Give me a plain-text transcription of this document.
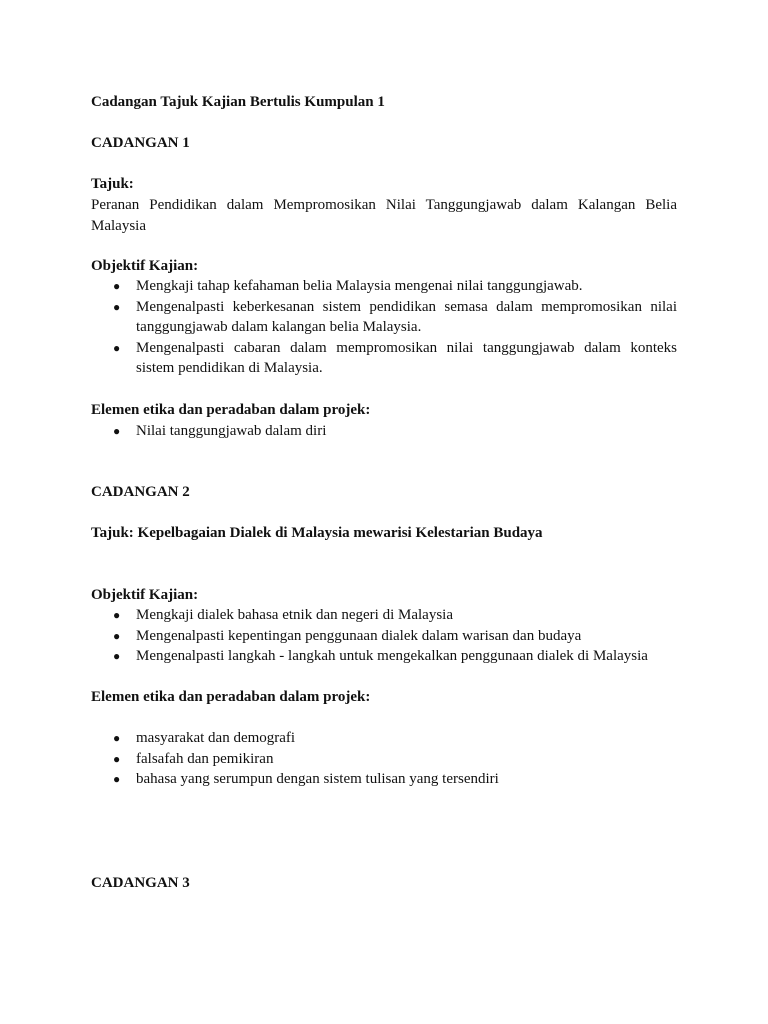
Cadangan Tajuk Kajian Bertulis Kumpulan 1

CADANGAN 1

Tajuk:

Peranan Pendidikan dalam Mempromosikan Nilai Tanggungjawab dalam Kalangan Belia Malaysia

Objektif Kajian:

● Mengkaji tahap kefahaman belia Malaysia mengenai nilai tanggungjawab.
● Mengenalpasti keberkesanan sistem pendidikan semasa dalam mempromosikan nilai tanggungjawab dalam kalangan belia Malaysia.
● Mengenalpasti cabaran dalam mempromosikan nilai tanggungjawab dalam konteks sistem pendidikan di Malaysia.

Elemen etika dan peradaban dalam projek:

● Nilai tanggungjawab dalam diri

CADANGAN 2

Tajuk: Kepelbagaian Dialek di Malaysia mewarisi Kelestarian Budaya

Objektif Kajian:

● Mengkaji dialek bahasa etnik dan negeri di Malaysia
● Mengenalpasti kepentingan penggunaan dialek dalam warisan dan budaya
● Mengenalpasti langkah - langkah untuk mengekalkan penggunaan dialek di Malaysia

Elemen etika dan peradaban dalam projek:

● masyarakat dan demografi
● falsafah dan pemikiran
● bahasa yang serumpun dengan sistem tulisan yang tersendiri

CADANGAN 3
